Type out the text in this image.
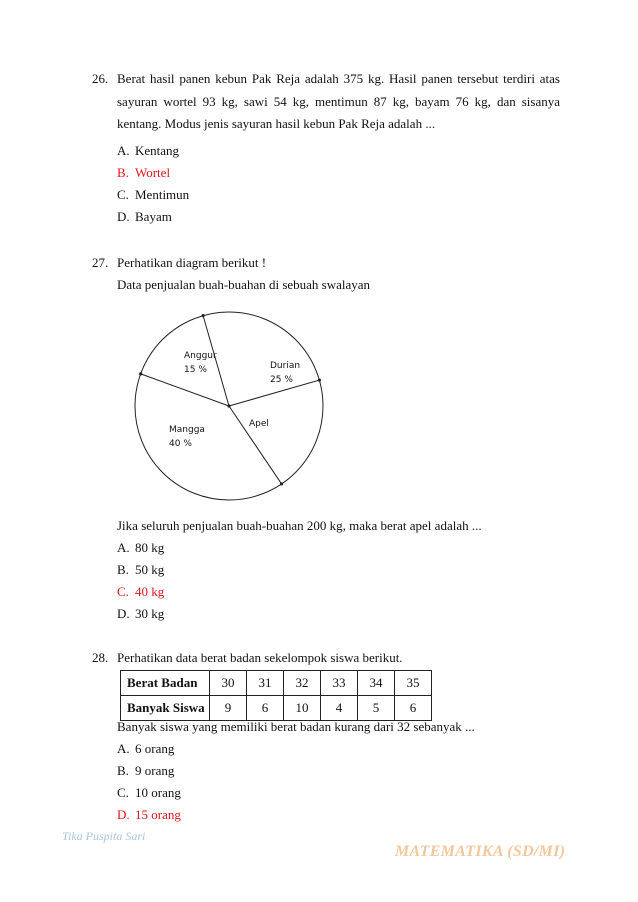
26. Berat hasil panen kebun Pak Reja adalah 375 kg. Hasil panen tersebut terdiri atas
sayuran wortel 93 kg, sawi 54 kg, mentimun 87 kg, bayam 76 kg, dan sisanya
kentang. Modus jenis sayuran hasil kebun Pak Reja adalah ...
A. Kentang
B. Wortel
C. Mentimun
D. Bayam
27. Perhatikan diagram berikut !
Data penjualan buah-buahan di sebuah swalayan
Anggur
15 %	Durian
25 %
Apel
Mangga
40 %
Jika seluruh penjualan buah-buahan 200 kg, maka berat apel adalah ...
A. 80 kg
B. 50 kg
C. 40 kg
D. 30 kg
28. Perhatikan data berat badan sekelompok siswa berikut.
Berat Badan	30	31	32	33	34	35
Banyak Siswa	9	6	10	4	5	6
Banyak siswa yang memiliki berat badan kurang dari 32 sebanyak ...
A. 6 orang
B. 9 orang
C. 10 orang
D. 15 orang
Tika Puspita Sari
MATEMATIKA (SD/MI)
